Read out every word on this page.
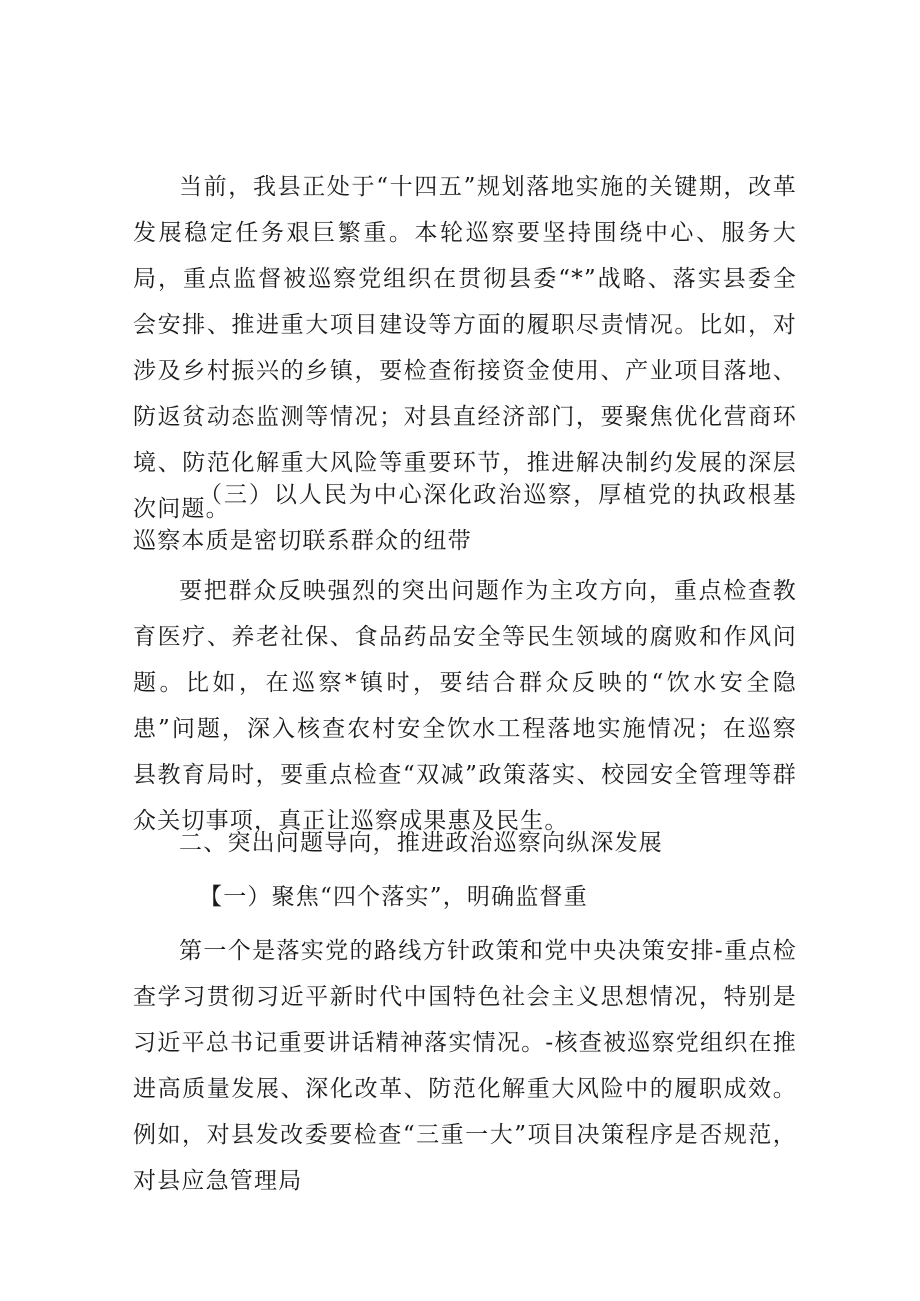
当前，我县正处于“十四五”规划落地实施的关键期，改革发展稳定任务艰巨繁重。本轮巡察要坚持围绕中心、服务大局，重点监督被巡察党组织在贯彻县委“*”战略、落实县委全会安排、推进重大项目建设等方面的履职尽责情况。比如，对涉及乡村振兴的乡镇，要检查衔接资金使用、产业项目落地、防返贫动态监测等情况；对县直经济部门，要聚焦优化营商环境、防范化解重大风险等重要环节，推进解决制约发展的深层次问题。

（三）以人民为中心深化政治巡察，厚植党的执政根基巡察本质是密切联系群众的纽带

要把群众反映强烈的突出问题作为主攻方向，重点检查教育医疗、养老社保、食品药品安全等民生领域的腐败和作风问题。比如，在巡察*镇时，要结合群众反映的“饮水安全隐患”问题，深入核查农村安全饮水工程落地实施情况；在巡察县教育局时，要重点检查“双减”政策落实、校园安全管理等群众关切事项，真正让巡察成果惠及民生。

二、突出问题导向，推进政治巡察向纵深发展

【一）聚焦“四个落实”，明确监督重

第一个是落实党的路线方针政策和党中央决策安排-重点检查学习贯彻习近平新时代中国特色社会主义思想情况，特别是习近平总书记重要讲话精神落实情况。-核查被巡察党组织在推进高质量发展、深化改革、防范化解重大风险中的履职成效。例如，对县发改委要检查“三重一大”项目决策程序是否规范，对县应急管理局
